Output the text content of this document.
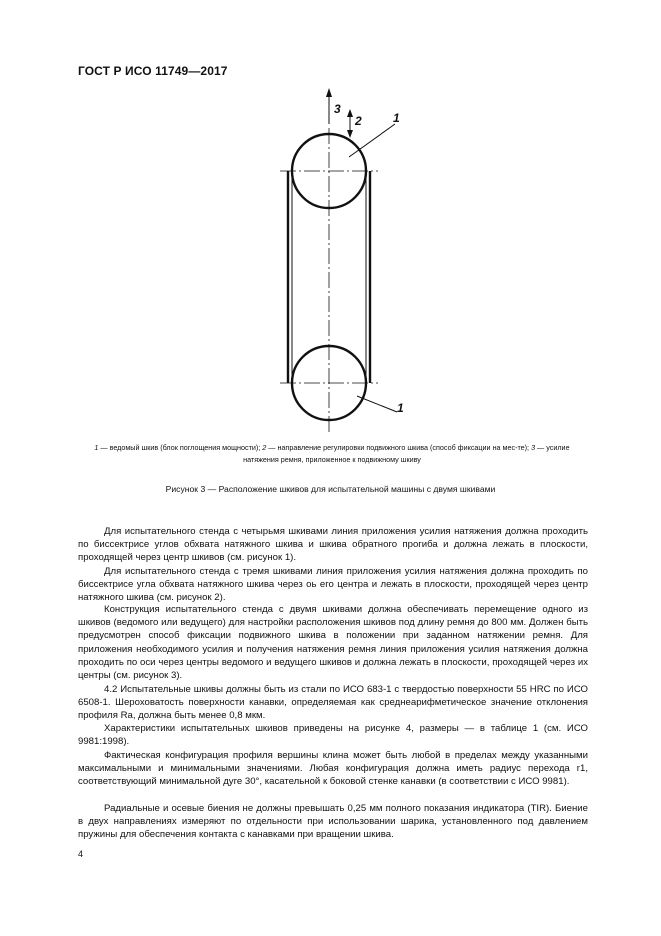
ГОСТ Р ИСО 11749—2017
3
2	1
1
1 — ведомый шкив (блок поглощения мощности); 2 — направление регулировки подвижного шкива (способ фиксации на мес-те); 3 — усилие натяжения ремня, приложенное к подвижному шкиву
Рисунок 3 — Расположение шкивов для испытательной машины с двумя шкивами
Для испытательного стенда с четырьмя шкивами линия приложения усилия натяжения должна проходить по биссектрисе углов обхвата натяжного шкива и шкива обратного прогиба и должна лежать в плоскости, проходящей через центр шкивов (см. рисунок 1).
Для испытательного стенда с тремя шкивами линия приложения усилия натяжения должна проходить по биссектрисе угла обхвата натяжного шкива через оь его центра и лежать в плоскости, проходящей через центр натяжного шкива (см. рисунок 2).
Конструкция испытательного стенда с двумя шкивами должна обеспечивать перемещение одного из шкивов (ведомого или ведущего) для настройки расположения шкивов под длину ремня до 800 мм. Должен быть предусмотрен способ фиксации подвижного шкива в положении при заданном натяжении ремня. Для приложения необходимого усилия и получения натяжения ремня линия приложения усилия натяжения должна проходить по оси через центры ведомого и ведущего шкивов и должна лежать в плоскости, проходящей через их центры (см. рисунок 3).
4.2 Испытательные шкивы должны быть из стали по ИСО 683-1 с твердостью поверхности 55 HRC по ИСО 6508-1. Шероховатость поверхности канавки, определяемая как среднеарифметическое значение отклонения профиля Ra, должна быть менее 0,8 мкм.
Характеристики испытательных шкивов приведены на рисунке 4, размеры — в таблице 1 (см. ИСО 9981:1998).
Фактическая конфигурация профиля вершины клина может быть любой в пределах между указанными максимальными и минимальными значениями. Любая конфигурация должна иметь радиус перехода r1, соответствующий минимальной дуге 30°, касательной к боковой стенке канавки (в соответствии с ИСО 9981).
Радиальные и осевые биения не должны превышать 0,25 мм полного показания индикатора (TIR). Биение в двух направлениях измеряют по отдельности при использовании шарика, установленного под давлением пружины для обеспечения контакта с канавками при вращении шкива.
4
